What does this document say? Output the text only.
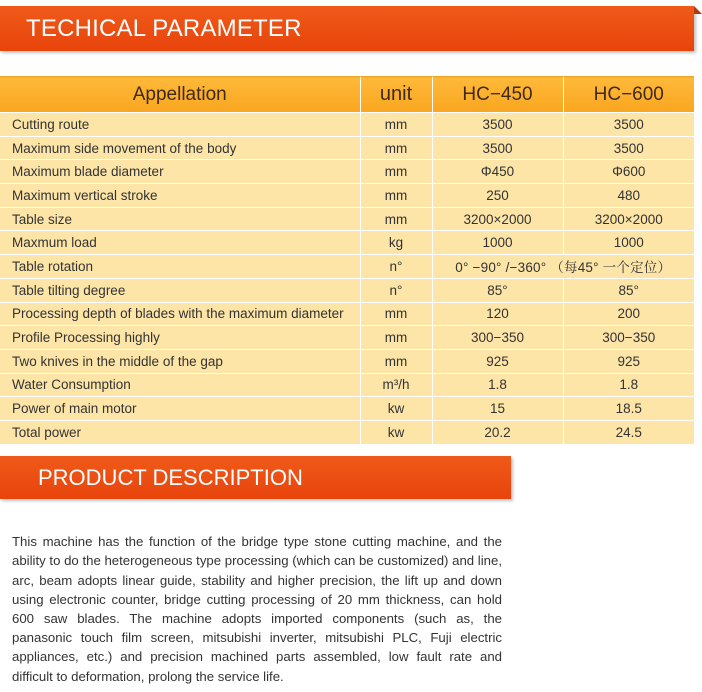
TECHICAL PARAMETER
Appellation	unit	HC−450	HC−600
Cutting route	mm	3500	3500
Maximum side movement of the body	mm	3500	3500
Maximum blade diameter	mm	Φ450	Φ600
Maximum vertical stroke	mm	250	480
Table size	mm	3200×2000	3200×2000
Maxmum load	kg	1000	1000
Table rotation	n°	0° −90° /−360° （每45° 一个定位）	
Table tilting degree	n°	85°	85°
Processing depth of blades with the maximum diameter	mm	120	200
Profile Processing highly	mm	300−350	300−350
Two knives in the middle of the gap	mm	925	925
Water Consumption	m³/h	1.8	1.8
Power of main motor	kw	15	18.5
Total power	kw	20.2	24.5
PRODUCT DESCRIPTION

This machine has the function of the bridge type stone cutting machine, and the ability to do the heterogeneous type processing (which can be customized) and line, arc, beam adopts linear guide, stability and higher precision, the lift up and down using electronic counter, bridge cutting processing of 20 mm thickness, can hold 600 saw blades. The machine adopts imported components (such as, the panasonic touch film screen, mitsubishi inverter, mitsubishi PLC, Fuji electric appliances, etc.) and precision machined parts assembled, low fault rate and difficult to deformation, prolong the service life.
